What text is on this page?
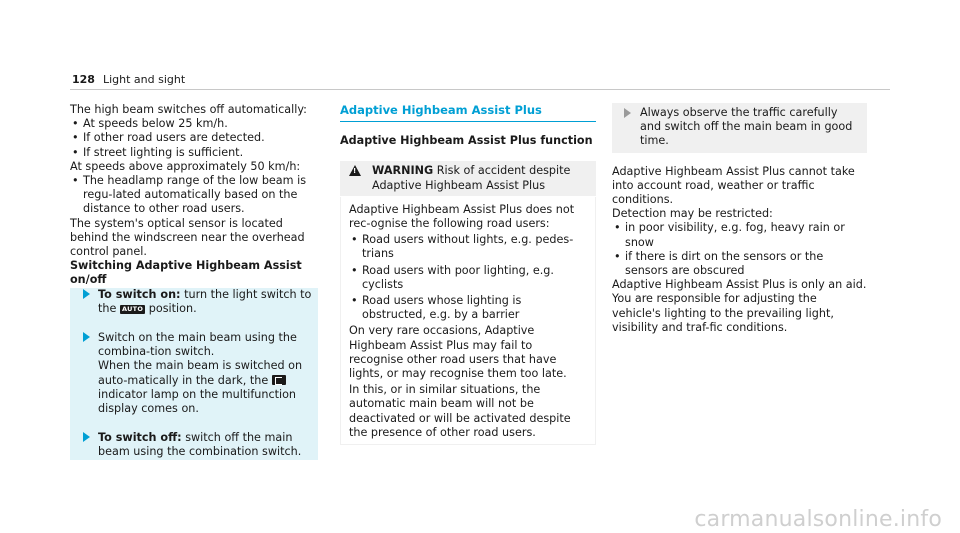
128 Light and sight

The high beam switches off automatically:

• At speeds below 25 km/h.

• If other road users are detected.

• If street lighting is sufficient.

At speeds above approximately 50 km/h:

• The headlamp range of the low beam is regu-lated automatically based on the distance to other road users.

The system's optical sensor is located behind the windscreen near the overhead control panel.

Switching Adaptive Highbeam Assist on/off

To switch on: turn the light switch to the AUTO position.

Switch on the main beam using the combina-tion switch.

When the main beam is switched on auto-matically in the dark, the  indicator lamp on the multifunction display comes on.

To switch off: switch off the main beam using the combination switch.
Adaptive Highbeam Assist Plus

Adaptive Highbeam Assist Plus function

!
WARNING Risk of accident despite Adaptive Highbeam Assist Plus

Adaptive Highbeam Assist Plus does not rec-ognise the following road users:

• Road users without lights, e.g. pedes-trians

• Road users with poor lighting, e.g. cyclists

• Road users whose lighting is obstructed, e.g. by a barrier

On very rare occasions, Adaptive Highbeam Assist Plus may fail to recognise other road users that have lights, or may recognise them too late.

In this, or in similar situations, the automatic main beam will not be deactivated or will be activated despite the presence of other road users.

Always observe the traffic carefully and switch off the main beam in good time.

Adaptive Highbeam Assist Plus cannot take into account road, weather or traffic conditions.

Detection may be restricted:

• in poor visibility, e.g. fog, heavy rain or snow

• if there is dirt on the sensors or the sensors are obscured

Adaptive Highbeam Assist Plus is only an aid. You are responsible for adjusting the vehicle's lighting to the prevailing light, visibility and traf-fic conditions.

carmanualsonline.info
